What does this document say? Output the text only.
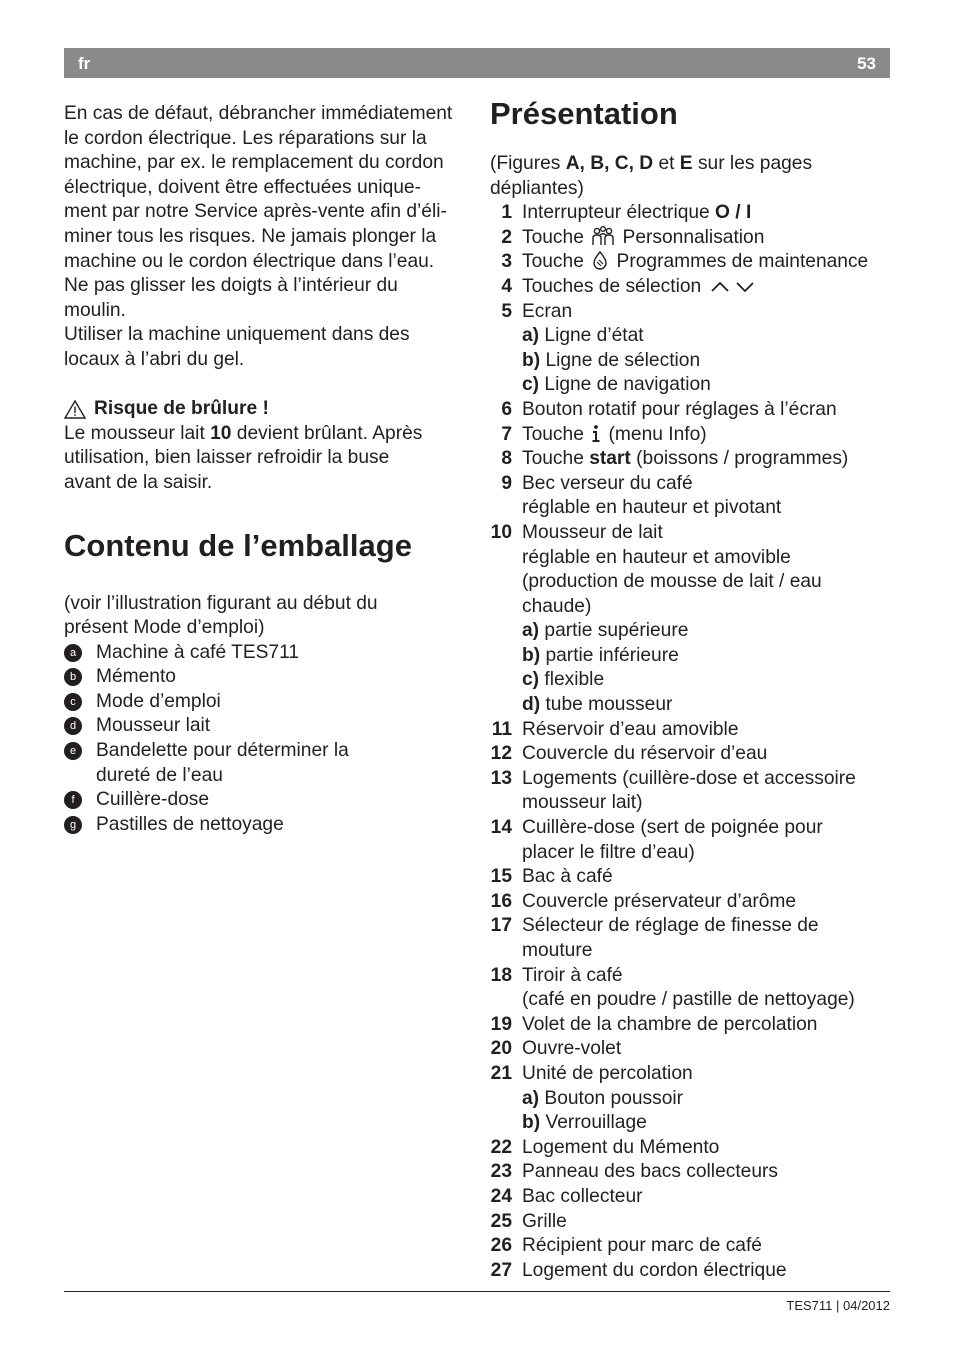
fr	53

En cas de défaut, débrancher immédiatement

le cordon électrique. Les réparations sur la

machine, par ex. le remplacement du cordon

électrique, doivent être effectuées unique-

ment par notre Service après-vente afin d’éli-

miner tous les risques. Ne jamais plonger la

machine ou le cordon électrique dans l’eau.

Ne pas glisser les doigts à l’intérieur du

moulin.

Utiliser la machine uniquement dans des

locaux à l’abri du gel.

Risque de brûlure !

Le mousseur lait 10 devient brûlant. Après

utilisation, bien laisser refroidir la buse

avant de la saisir.

Contenu de l’emballage

(voir l’illustration figurant au début du

présent Mode d’emploi)

a	Machine à café TES711
b	Mémento
c	Mode d’emploi
d	Mousseur lait
e	Bandelette pour déterminer la
dureté de l’eau
f	Cuillère-dose
g	Pastilles de nettoyage
Présentation

(Figures A, B, C, D et E sur les pages

dépliantes)

1 Interrupteur électrique O / I
2 Touche  Personnalisation
3 Touche  Programmes de maintenance
4 Touches de sélection
5 Ecran
a) Ligne d’état
b) Ligne de sélection
c) Ligne de navigation
6 Bouton rotatif pour réglages à l’écran
7 Touche  (menu Info)
8 Touche start (boissons / programmes)
9 Bec verseur du café
réglable en hauteur et pivotant
10 Mousseur de lait
réglable en hauteur et amovible
(production de mousse de lait / eau
chaude)
a) partie supérieure
b) partie inférieure
c) flexible
d) tube mousseur
11 Réservoir d’eau amovible
12 Couvercle du réservoir d’eau
13 Logements (cuillère-dose et accessoire
mousseur lait)
14 Cuillère-dose (sert de poignée pour
placer le filtre d’eau)
15 Bac à café
16 Couvercle préservateur d’arôme
17 Sélecteur de réglage de finesse de
mouture
18 Tiroir à café
(café en poudre / pastille de nettoyage)
19 Volet de la chambre de percolation
20 Ouvre-volet
21 Unité de percolation
a) Bouton poussoir
b) Verrouillage
22 Logement du Mémento
23 Panneau des bacs collecteurs
24 Bac collecteur
25 Grille
26 Récipient pour marc de café
27 Logement du cordon électrique
TES711 | 04/2012
